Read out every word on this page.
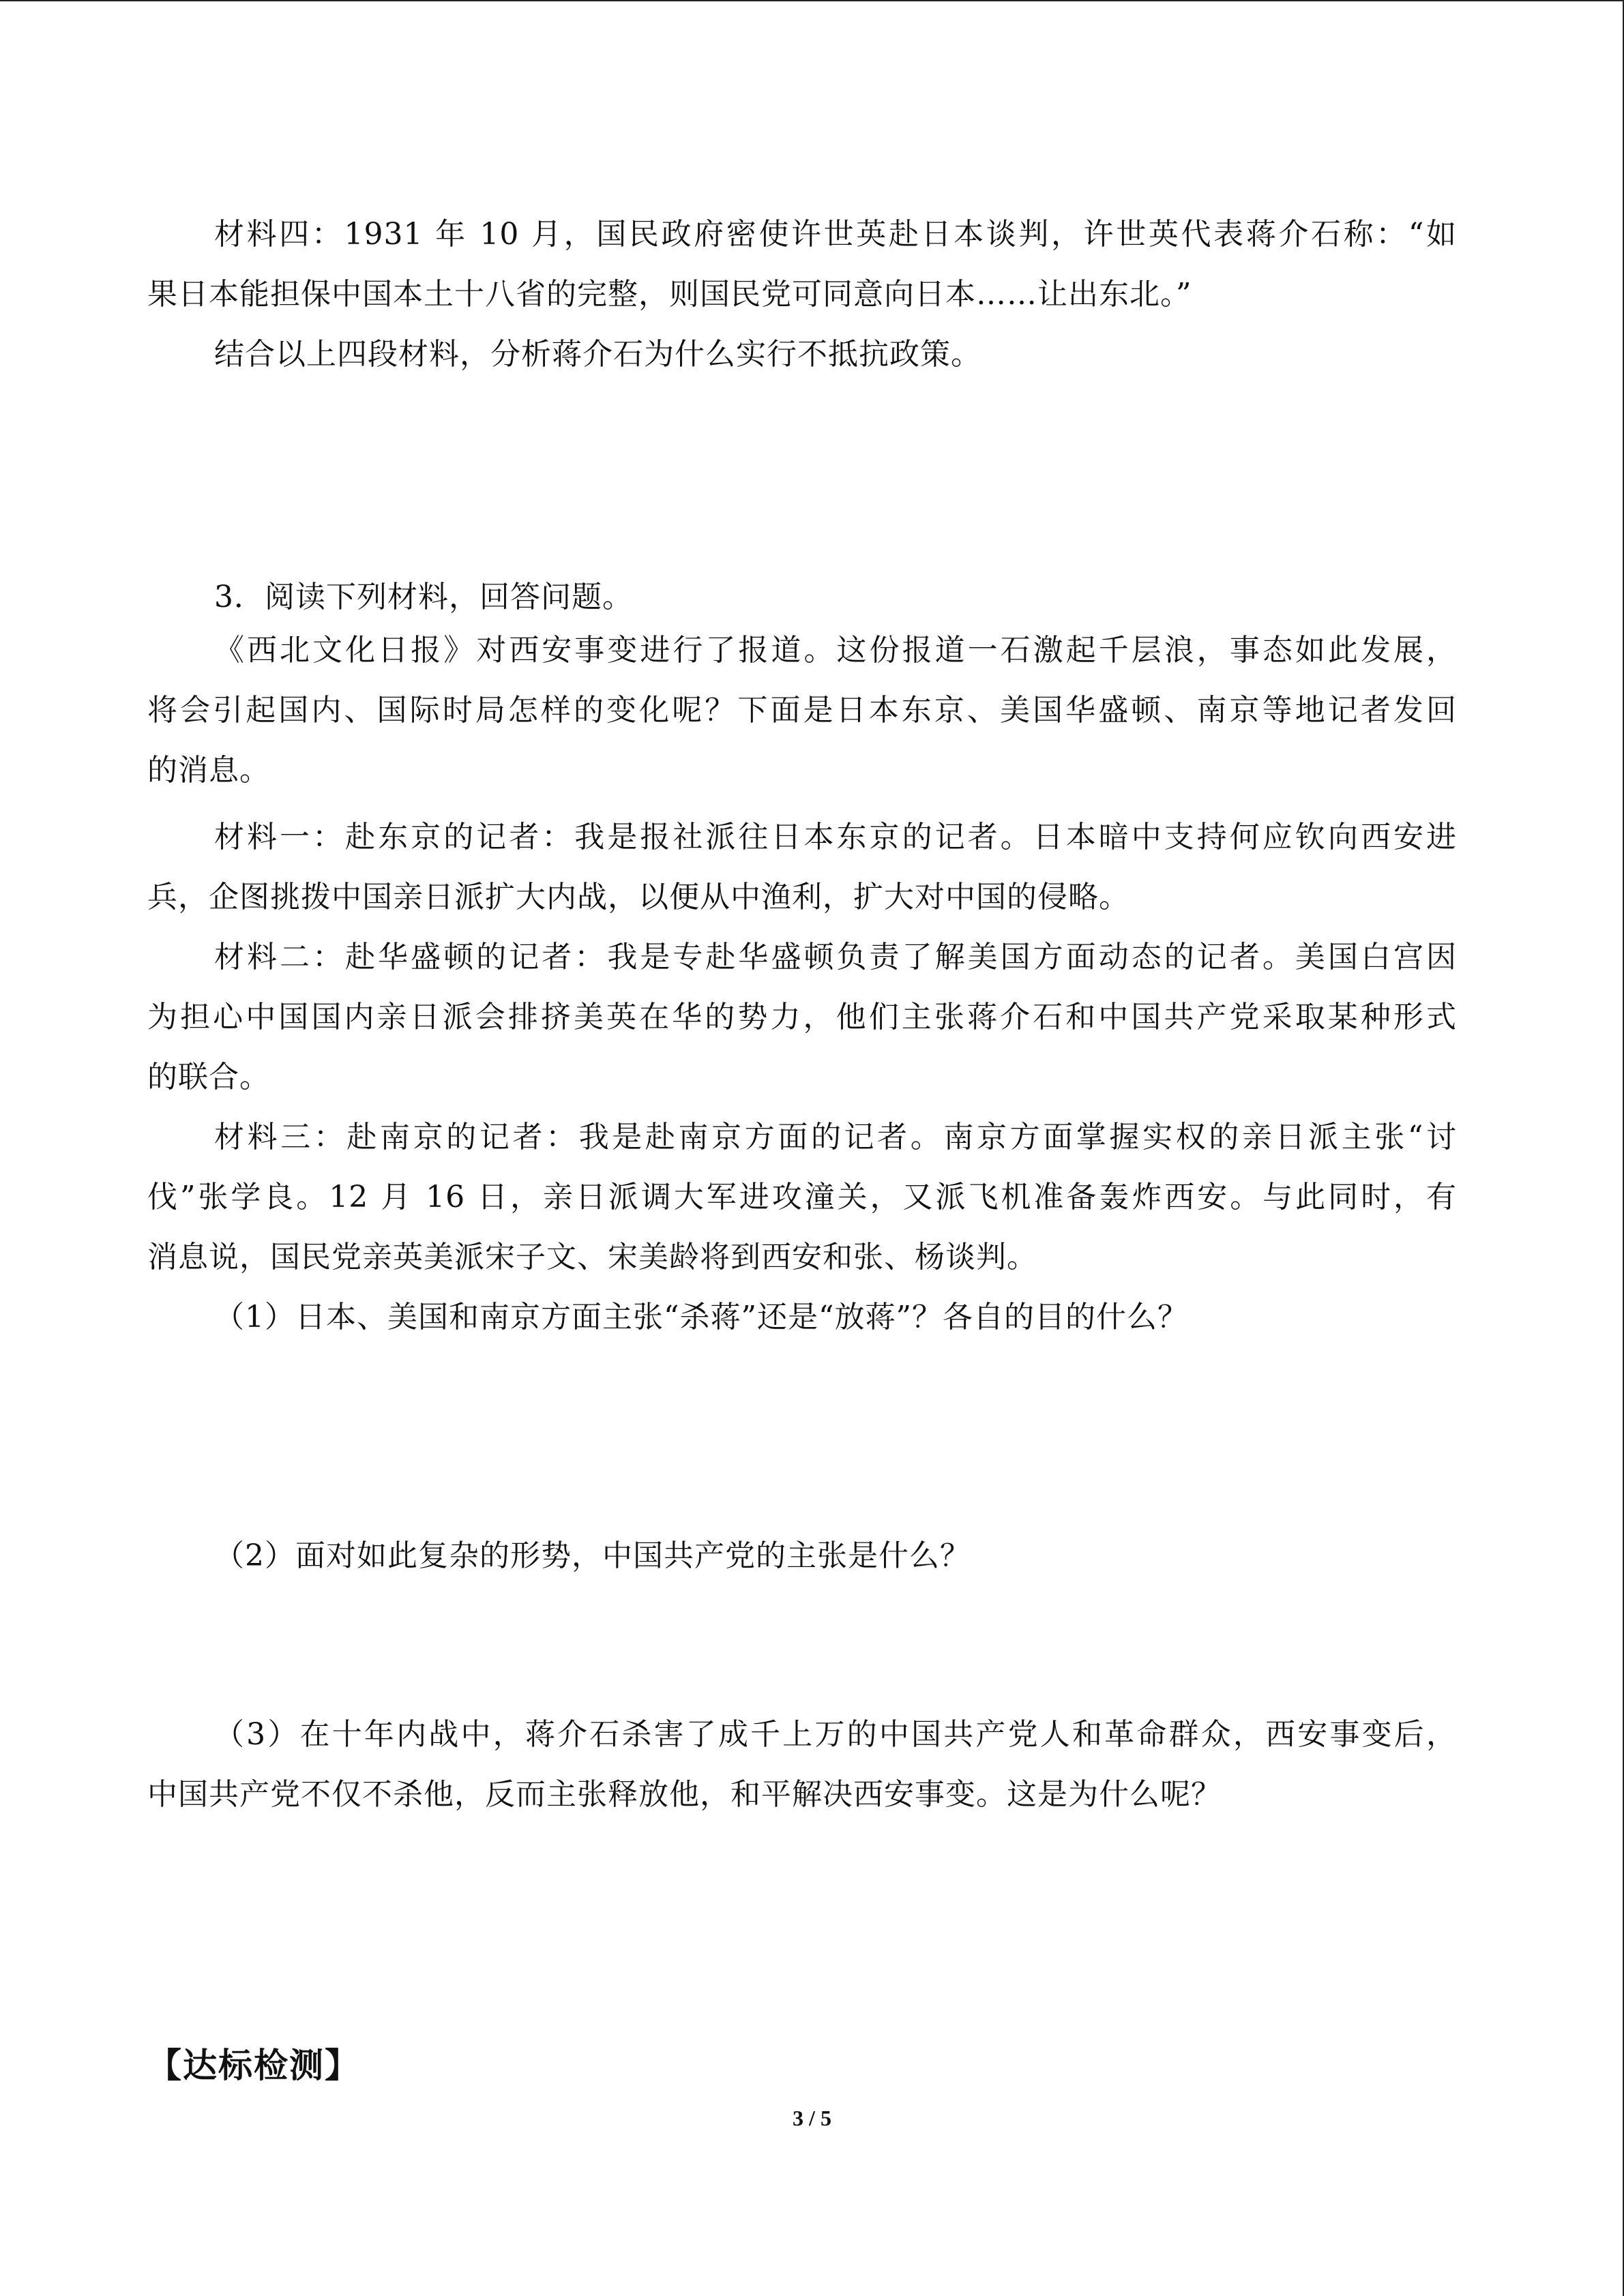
材料四：1931 年 10 月，国民政府密使许世英赴日本谈判，许世英代表蒋介石称：“如
果日本能担保中国本土十八省的完整，则国民党可同意向日本……让出东北。”
结合以上四段材料，分析蒋介石为什么实行不抵抗政策。
3．阅读下列材料，回答问题。
《西北文化日报》对西安事变进行了报道。这份报道一石激起千层浪，事态如此发展，
将会引起国内、国际时局怎样的变化呢？下面是日本东京、美国华盛顿、南京等地记者发回
的消息。
材料一：赴东京的记者：我是报社派往日本东京的记者。日本暗中支持何应钦向西安进
兵，企图挑拨中国亲日派扩大内战，以便从中渔利，扩大对中国的侵略。
材料二：赴华盛顿的记者：我是专赴华盛顿负责了解美国方面动态的记者。美国白宫因
为担心中国国内亲日派会排挤美英在华的势力，他们主张蒋介石和中国共产党采取某种形式
的联合。
材料三：赴南京的记者：我是赴南京方面的记者。南京方面掌握实权的亲日派主张“讨
伐”张学良。12 月 16 日，亲日派调大军进攻潼关，又派飞机准备轰炸西安。与此同时，有
消息说，国民党亲英美派宋子文、宋美龄将到西安和张、杨谈判。
（1）日本、美国和南京方面主张“杀蒋”还是“放蒋”？各自的目的什么？
（2）面对如此复杂的形势，中国共产党的主张是什么？
（3）在十年内战中，蒋介石杀害了成千上万的中国共产党人和革命群众，西安事变后，
中国共产党不仅不杀他，反而主张释放他，和平解决西安事变。这是为什么呢？
【达标检测】
3 / 5
